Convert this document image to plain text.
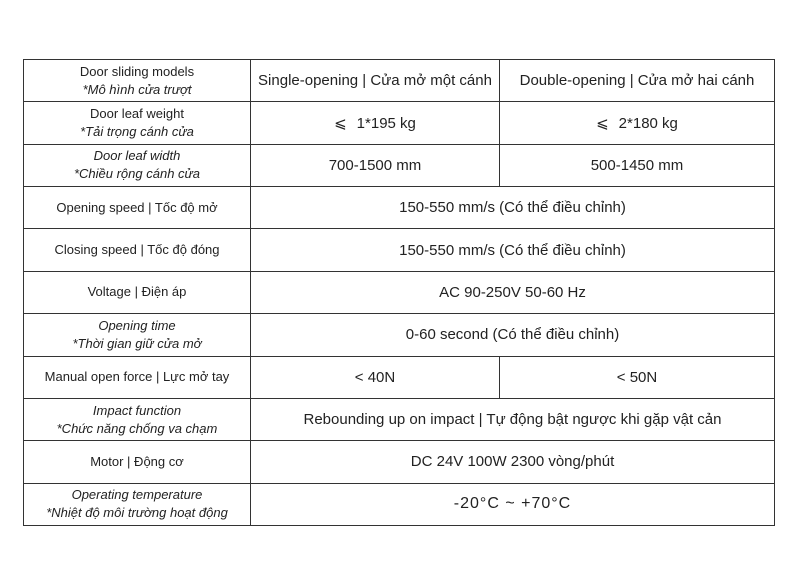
Door sliding models
*Mô hình cửa trượt	Single-opening | Cửa mở một cánh	Double-opening | Cửa mở hai cánh

Door leaf weight
*Tải trọng cánh cửa	⩽ 1*195 kg	⩽ 2*180 kg

Door leaf width
*Chiều rộng cánh cửa	700-1500 mm	500-1450 mm

Opening speed | Tốc độ mở	150-550 mm/s (Có thể điều chỉnh)	

Closing speed | Tốc độ đóng	150-550 mm/s (Có thể điều chỉnh)	

Voltage | Điện áp	AC 90-250V 50-60 Hz	

Opening time
*Thời gian giữ cửa mở	0-60 second (Có thể điều chỉnh)	

Manual open force | Lực mở tay	< 40N	< 50N

Impact function
*Chức năng chống va chạm	Rebounding up on impact | Tự động bật ngược khi gặp vật cản	

Motor | Động cơ	DC 24V 100W 2300 vòng/phút	

Operating temperature
*Nhiệt độ môi trường hoạt động	-20°C ~ +70°C	
